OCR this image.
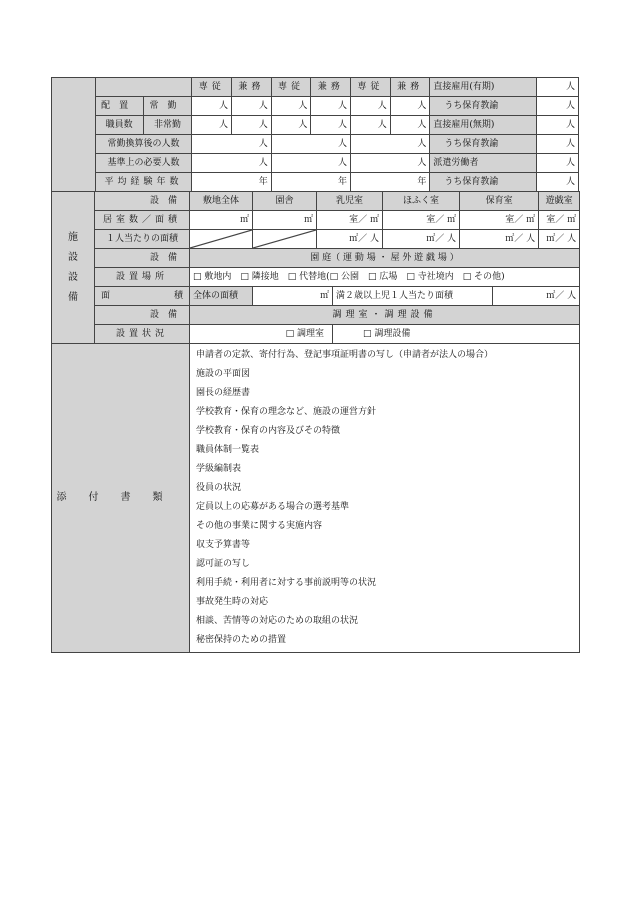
			専従	兼務	専従	兼務	専従	兼務	直接雇用(有期)	人
	配置	常勤	人	人	人	人	人	人	うち保育教諭	人
	職員数	非常勤	人	人	人	人	人	人	直接雇用(無期)	人
	常勤換算後の人数		人		人		人		うち保育教諭	人
	基準上の必要人数		人		人		人		派遣労働者	人
	平均経験年数		年		年		年		うち保育教諭	人
施
設
設
備	設備	敷地全体	園舎	乳児室		ほふく室	保育室		遊戯室
	居室数／面積	㎡	㎡	室／ ㎡		室／ ㎡	室／ ㎡		室／ ㎡
	１人当たりの面積			㎡／ 人		㎡／ 人	㎡／ 人		㎡／ 人
	設備	園 庭（ 運 動 場 ・ 屋 外 遊 戯 場 ）							
	設置場所	□ 敷地内　□ 隣接地　□ 代替地(□ 公園　□ 広場　□ 寺社境内　□ その他)							
	面積	全体の面積	㎡		満２歳以上児１人当たり面積			㎡／ 人	
	設備	調理室・調理設備							
	設置状況	□ 調理室			□ 調理設備				
添付書類	
申請者の定款、寄付行為、登記事項証明書の写し（申請者が法人の場合）
施設の平面図
園長の経歴書
学校教育・保育の理念など、施設の運営方針
学校教育・保育の内容及びその特徴
職員体制一覧表
学級編制表
役員の状況
定員以上の応募がある場合の選考基準
その他の事業に関する実施内容
収支予算書等
認可証の写し
利用手続・利用者に対する事前説明等の状況
事故発生時の対応
相談、苦情等の対応のための取組の状況
秘密保持のための措置
